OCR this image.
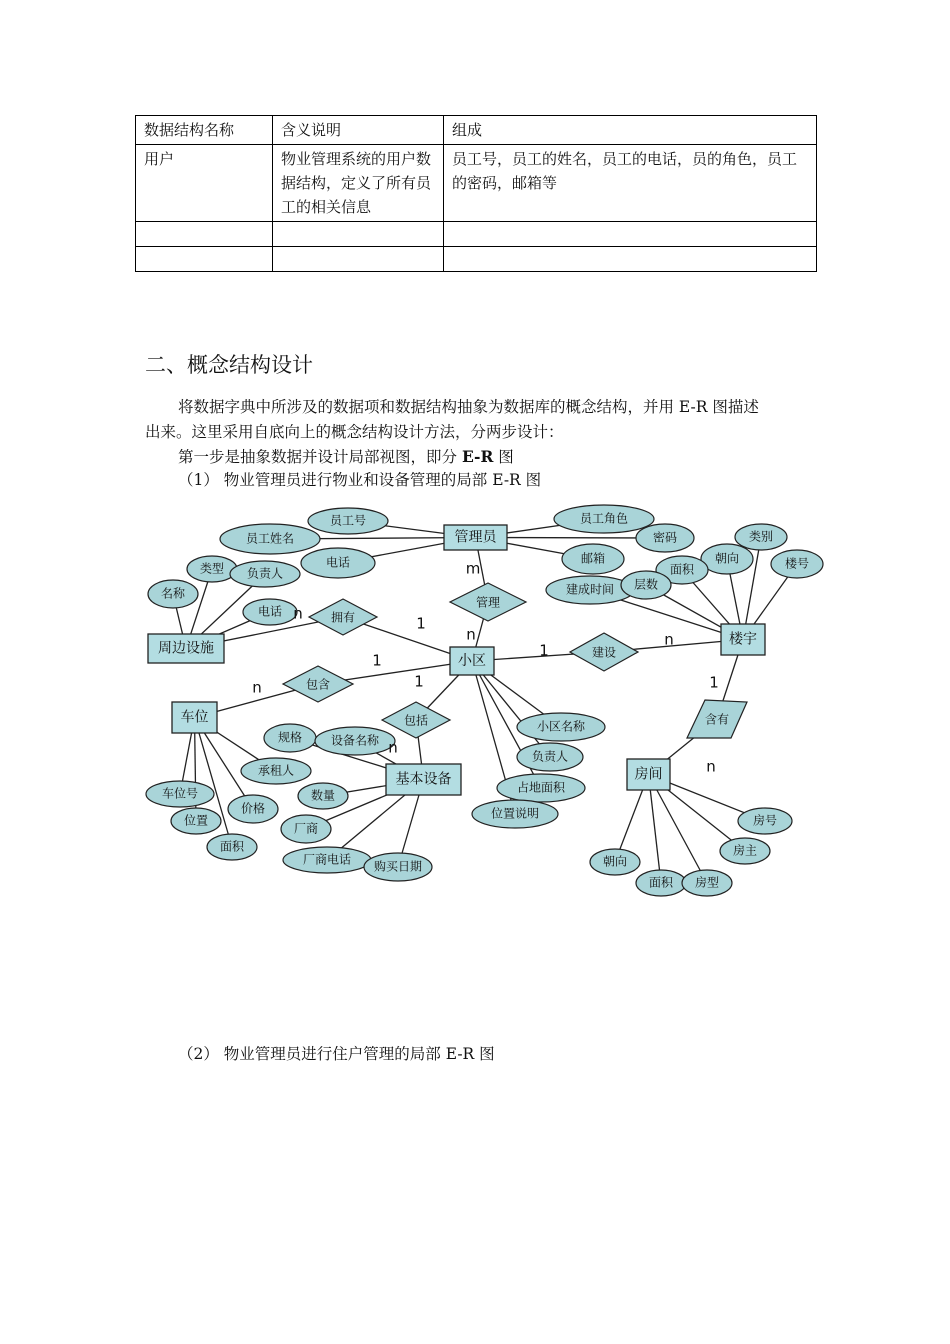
数据结构名称	含义说明	组成
用户	物业管理系统的用户数据结构，定义了所有员工的相关信息	员工号，员工的姓名，员工的电话，员的角色，员工的密码，邮箱等

二、概念结构设计
将数据字典中所涉及的数据项和数据结构抽象为数据库的概念结构，并用 E-R 图描述
出来。这里采用自底向上的概念结构设计方法，分两步设计：
第一步是抽象数据并设计局部视图，即分 E-R 图
（1） 物业管理员进行物业和设备管理的局部 E-R 图
（2） 物业管理员进行住户管理的局部 E-R 图
员工号
员工姓名
电话
员工角色
密码
邮箱
类型 负责人
名称
电话
类别
朝向
面积	楼号
建成时间 层数
小区名称
负责人
占地面积
位置说明
车位号
位置
价格
面积
承租人
规格 设备名称
数量
厂商
厂商电话 购买日期
房号
房主
朝向
面积 房型
管理
拥有
建设
包含
包括	含有
管理员
小区
楼宇
周边设施
车位
基本设备	房间
m
n
1
n
1
n
1
n	1
n
1
n
